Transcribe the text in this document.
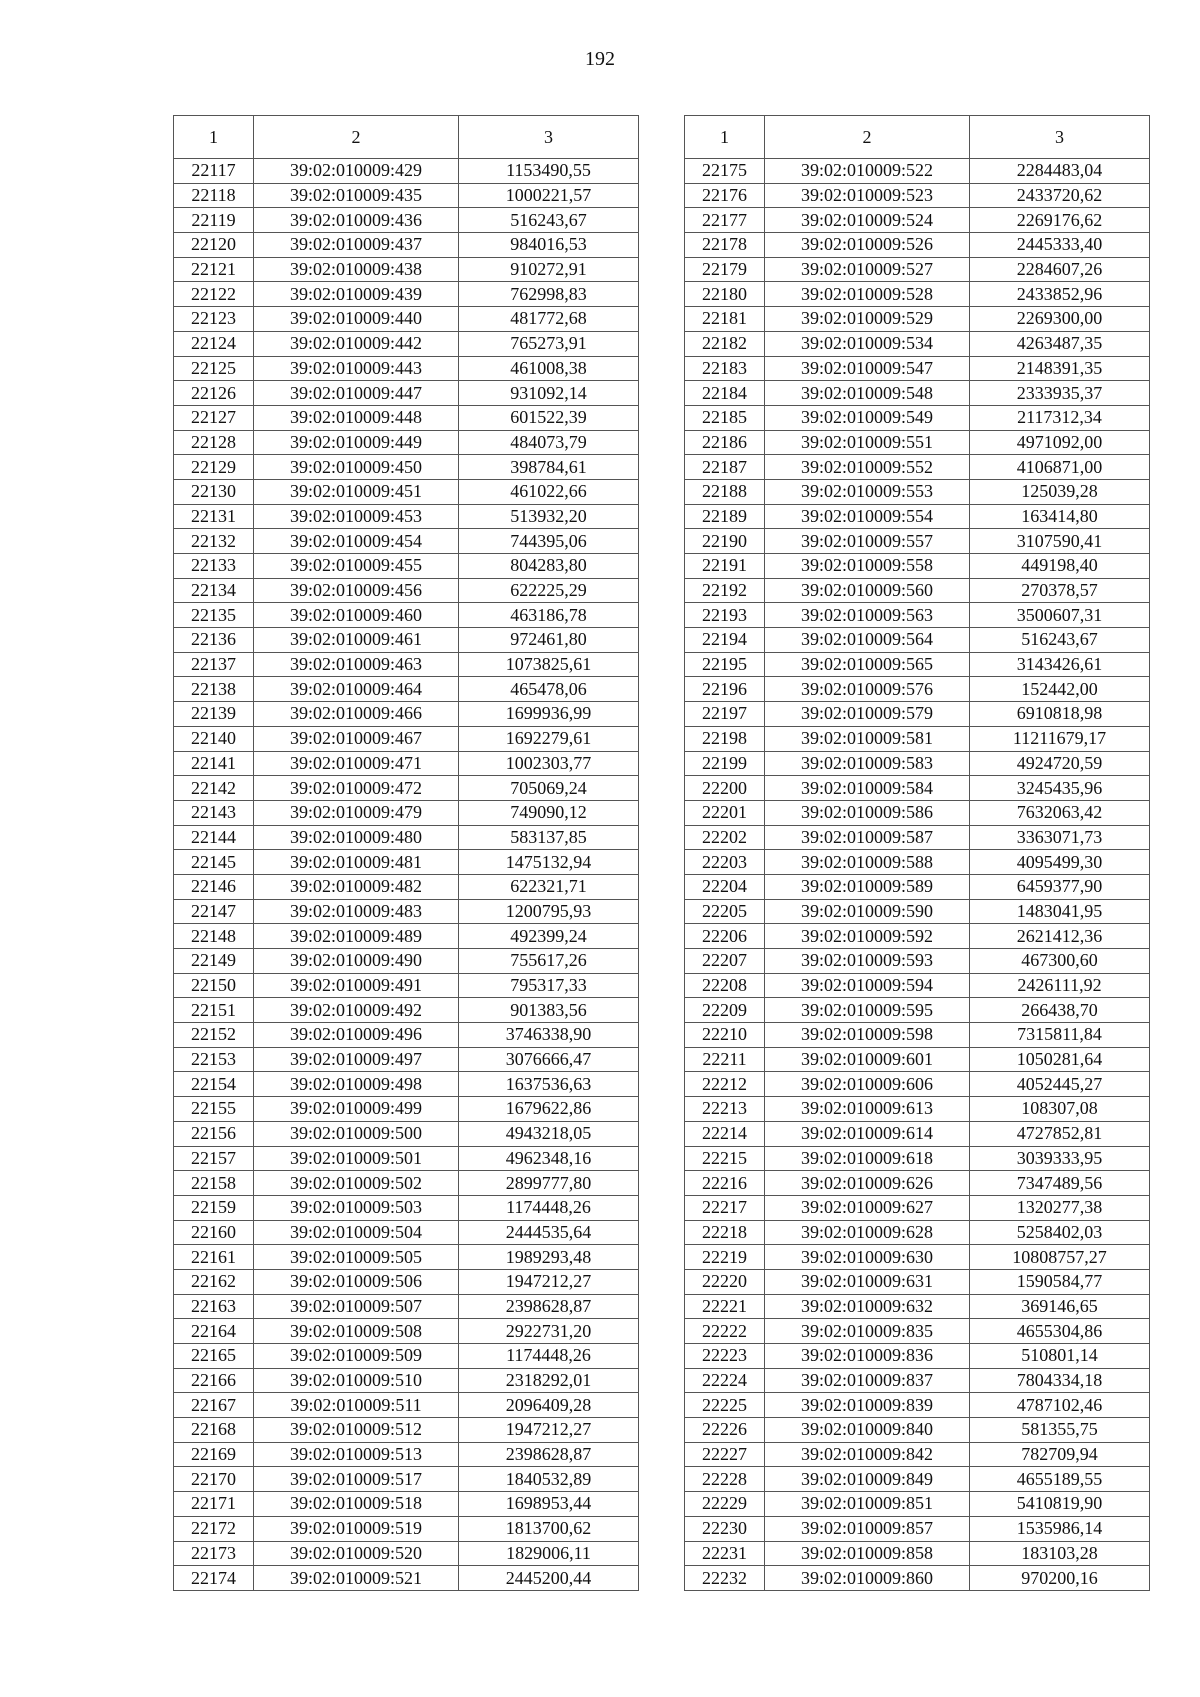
192
1	2	3
22117	39:02:010009:429	1153490,55
22118	39:02:010009:435	1000221,57
22119	39:02:010009:436	516243,67
22120	39:02:010009:437	984016,53
22121	39:02:010009:438	910272,91
22122	39:02:010009:439	762998,83
22123	39:02:010009:440	481772,68
22124	39:02:010009:442	765273,91
22125	39:02:010009:443	461008,38
22126	39:02:010009:447	931092,14
22127	39:02:010009:448	601522,39
22128	39:02:010009:449	484073,79
22129	39:02:010009:450	398784,61
22130	39:02:010009:451	461022,66
22131	39:02:010009:453	513932,20
22132	39:02:010009:454	744395,06
22133	39:02:010009:455	804283,80
22134	39:02:010009:456	622225,29
22135	39:02:010009:460	463186,78
22136	39:02:010009:461	972461,80
22137	39:02:010009:463	1073825,61
22138	39:02:010009:464	465478,06
22139	39:02:010009:466	1699936,99
22140	39:02:010009:467	1692279,61
22141	39:02:010009:471	1002303,77
22142	39:02:010009:472	705069,24
22143	39:02:010009:479	749090,12
22144	39:02:010009:480	583137,85
22145	39:02:010009:481	1475132,94
22146	39:02:010009:482	622321,71
22147	39:02:010009:483	1200795,93
22148	39:02:010009:489	492399,24
22149	39:02:010009:490	755617,26
22150	39:02:010009:491	795317,33
22151	39:02:010009:492	901383,56
22152	39:02:010009:496	3746338,90
22153	39:02:010009:497	3076666,47
22154	39:02:010009:498	1637536,63
22155	39:02:010009:499	1679622,86
22156	39:02:010009:500	4943218,05
22157	39:02:010009:501	4962348,16
22158	39:02:010009:502	2899777,80
22159	39:02:010009:503	1174448,26
22160	39:02:010009:504	2444535,64
22161	39:02:010009:505	1989293,48
22162	39:02:010009:506	1947212,27
22163	39:02:010009:507	2398628,87
22164	39:02:010009:508	2922731,20
22165	39:02:010009:509	1174448,26
22166	39:02:010009:510	2318292,01
22167	39:02:010009:511	2096409,28
22168	39:02:010009:512	1947212,27
22169	39:02:010009:513	2398628,87
22170	39:02:010009:517	1840532,89
22171	39:02:010009:518	1698953,44
22172	39:02:010009:519	1813700,62
22173	39:02:010009:520	1829006,11
22174	39:02:010009:521	2445200,44
1	2	3
22175	39:02:010009:522	2284483,04
22176	39:02:010009:523	2433720,62
22177	39:02:010009:524	2269176,62
22178	39:02:010009:526	2445333,40
22179	39:02:010009:527	2284607,26
22180	39:02:010009:528	2433852,96
22181	39:02:010009:529	2269300,00
22182	39:02:010009:534	4263487,35
22183	39:02:010009:547	2148391,35
22184	39:02:010009:548	2333935,37
22185	39:02:010009:549	2117312,34
22186	39:02:010009:551	4971092,00
22187	39:02:010009:552	4106871,00
22188	39:02:010009:553	125039,28
22189	39:02:010009:554	163414,80
22190	39:02:010009:557	3107590,41
22191	39:02:010009:558	449198,40
22192	39:02:010009:560	270378,57
22193	39:02:010009:563	3500607,31
22194	39:02:010009:564	516243,67
22195	39:02:010009:565	3143426,61
22196	39:02:010009:576	152442,00
22197	39:02:010009:579	6910818,98
22198	39:02:010009:581	11211679,17
22199	39:02:010009:583	4924720,59
22200	39:02:010009:584	3245435,96
22201	39:02:010009:586	7632063,42
22202	39:02:010009:587	3363071,73
22203	39:02:010009:588	4095499,30
22204	39:02:010009:589	6459377,90
22205	39:02:010009:590	1483041,95
22206	39:02:010009:592	2621412,36
22207	39:02:010009:593	467300,60
22208	39:02:010009:594	2426111,92
22209	39:02:010009:595	266438,70
22210	39:02:010009:598	7315811,84
22211	39:02:010009:601	1050281,64
22212	39:02:010009:606	4052445,27
22213	39:02:010009:613	108307,08
22214	39:02:010009:614	4727852,81
22215	39:02:010009:618	3039333,95
22216	39:02:010009:626	7347489,56
22217	39:02:010009:627	1320277,38
22218	39:02:010009:628	5258402,03
22219	39:02:010009:630	10808757,27
22220	39:02:010009:631	1590584,77
22221	39:02:010009:632	369146,65
22222	39:02:010009:835	4655304,86
22223	39:02:010009:836	510801,14
22224	39:02:010009:837	7804334,18
22225	39:02:010009:839	4787102,46
22226	39:02:010009:840	581355,75
22227	39:02:010009:842	782709,94
22228	39:02:010009:849	4655189,55
22229	39:02:010009:851	5410819,90
22230	39:02:010009:857	1535986,14
22231	39:02:010009:858	183103,28
22232	39:02:010009:860	970200,16
